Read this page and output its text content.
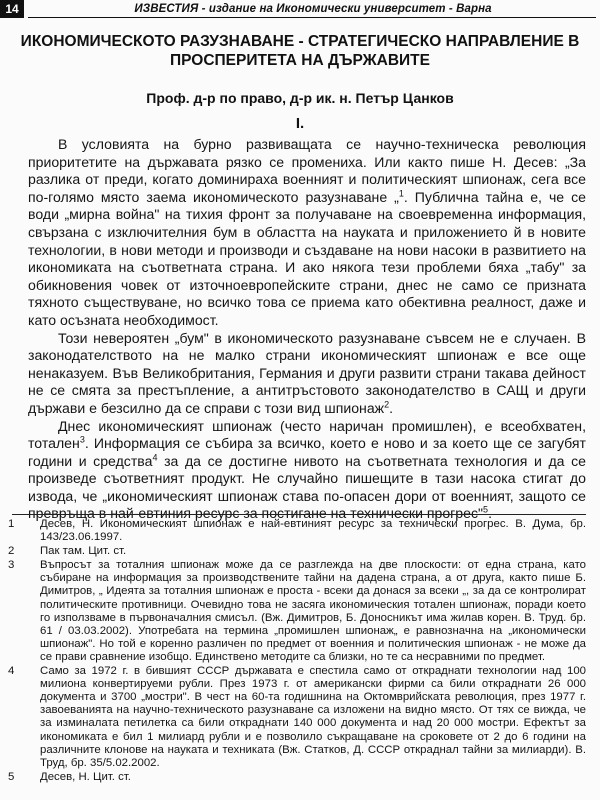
14	ИЗВЕСТИЯ - издание на Икономически университет - Варна
ИКОНОМИЧЕСКОТО РАЗУЗНАВАНЕ - СТРАТЕГИЧЕСКО НАПРАВЛЕНИЕ В ПРОСПЕРИТЕТА НА ДЪРЖАВИТЕ
Проф. д-р по право, д-р ик. н. Петър Цанков
I.

В условията на бурно развиващата се научно-техническа революция приоритетите на държавата рязко се промениха. Или както пише Н. Десев: „За разлика от преди, когато доминираха военният и политическият шпионаж, сега все по-голямо място заема икономическото разузнаване „$^1$. Публична тайна е, че се води „мирна война" на тихия фронт за получаване на своевременна информация, свързана с изключителния бум в областта на науката и приложението й в новите технологии, в нови методи и производи и създаване на нови насоки в развитието на икономиката на съответната страна. И ако някога тези проблеми бяха „табу" за обикновения човек от източноевропейските страни, днес не само се призната тяхното съществуване, но всичко това се приема като обективна реалност, даже и като осъзната необходимост.

Този невероятен „бум" в икономическото разузнаване съвсем не е случаен. В законодателството на не малко страни икономическият шпионаж е все още ненаказуем. Във Великобритания, Германия и други развити страни такава дейност не се смята за престъпление, а антитръстовото законодателство в САЩ и други държави е безсилно да се справи с този вид шпионаж$^2$.

Днес икономическият шпионаж (често наричан промишлен), е всеобхватен, тотален$^3$. Информация се събира за всичко, което е ново и за което ще се загубят години и средства$^4$ за да се достигне нивото на съответната технология и да се произведе съответният продукт. Не случайно пишещите в тази насока стигат до извода, че „икономическият шпионаж става по-опасен дори от военният, защото се превръща в най-евтиния ресурс за постигане на технически прогрес"$^5$.

1	Десев, Н. Икономическият шпионаж е най-евтиният ресурс за технически прогрес. В. Дума, бр. 143/23.06.1997.
2	Пак там. Цит. ст.
3	Въпросът за тоталния шпионаж може да се разглежда на две плоскости: от една страна, като събиране на информация за производствените тайни на дадена страна, а от друга, както пише Б. Димитров, „ Идеята за тоталния шпионаж е проста - всеки да донася за всеки „, за да се контролират политическите противници. Очевидно това не засяга икономическия тотален шпионаж, поради което го използваме в първоначалния смисъл. (Вж. Димитров, Б. Доносникът има жилав корен. В. Труд. бр. 61 / 03.03.2002). Употребата на термина „промишлен шпионаж„ е равнозначна на „икономически шпионаж". Но той е коренно различен по предмет от военния и политическия шпионаж - не може да се прави сравнение изобщо. Единствено методите са близки, но те са несравними по предмет.
4	Само за 1972 г. в бившият СССР държавата е спестила само от откраднати технологии над 100 милиона конвертируеми рубли. През 1973 г. от американски фирми са били откраднати 26 000 документа и 3700 „мостри". В чест на 60-та годишнина на Октомврийската революция, през 1977 г. завоеванията на научно-техническото разузнаване са изложени на видно място. От тях се вижда, че за изминалата петилетка са били откраднати 140 000 документа и над 20 000 мостри. Ефектът за икономиката е бил 1 милиард рубли и е позволило съкращаване на сроковете от 2 до 6 години на различните клонове на науката и техниката (Вж. Статков, Д. СССР откраднал тайни за милиарди). В. Труд, бр. 35/5.02.2002.
5	Десев, Н. Цит. ст.
